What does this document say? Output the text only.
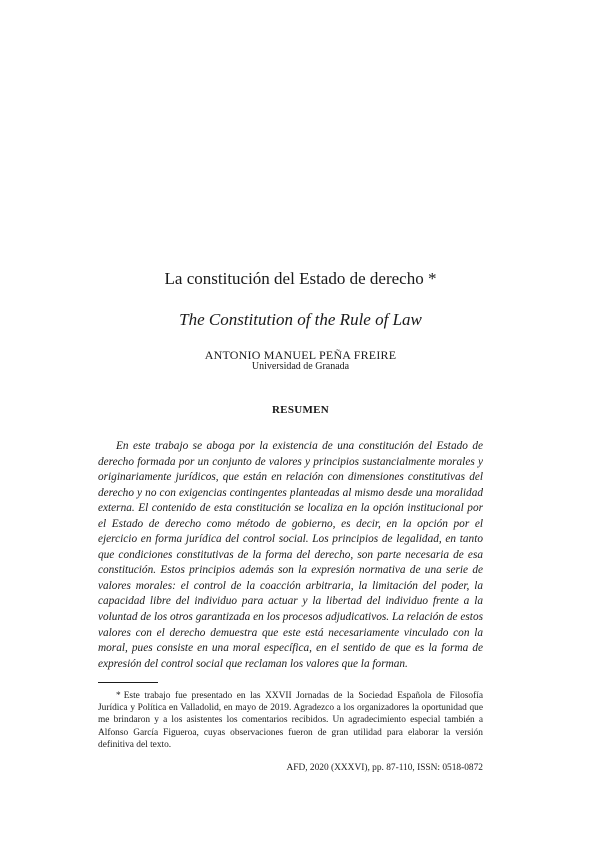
La constitución del Estado de derecho *
The Constitution of the Rule of Law
ANTONIO MANUEL PEÑA FREIRE
Universidad de Granada
RESUMEN

En este trabajo se aboga por la existencia de una constitución del Estado de derecho formada por un conjunto de valores y principios sustancialmente morales y originariamente jurídicos, que están en relación con dimensiones constitutivas del derecho y no con exigencias contingentes planteadas al mismo desde una moralidad externa. El contenido de esta constitución se localiza en la opción institucional por el Estado de derecho como método de gobierno, es decir, en la opción por el ejercicio en forma jurídica del control social. Los principios de legalidad, en tanto que condiciones constitutivas de la forma del derecho, son parte necesaria de esa constitución. Estos principios además son la expresión normativa de una serie de valores morales: el control de la coacción arbitraria, la limitación del poder, la capacidad libre del individuo para actuar y la libertad del individuo frente a la voluntad de los otros garantizada en los procesos adjudicativos. La relación de estos valores con el derecho demuestra que este está necesariamente vinculado con la moral, pues consiste en una moral específica, en el sentido de que es la forma de expresión del control social que reclaman los valores que la forman.

* Este trabajo fue presentado en las XXVII Jornadas de la Sociedad Española de Filosofía Jurídica y Política en Valladolid, en mayo de 2019. Agradezco a los organizadores la oportunidad que me brindaron y a los asistentes los comentarios recibidos. Un agradecimiento especial también a Alfonso García Figueroa, cuyas observaciones fueron de gran utilidad para elaborar la versión definitiva del texto.

AFD, 2020 (XXXVI), pp. 87-110, ISSN: 0518-0872
